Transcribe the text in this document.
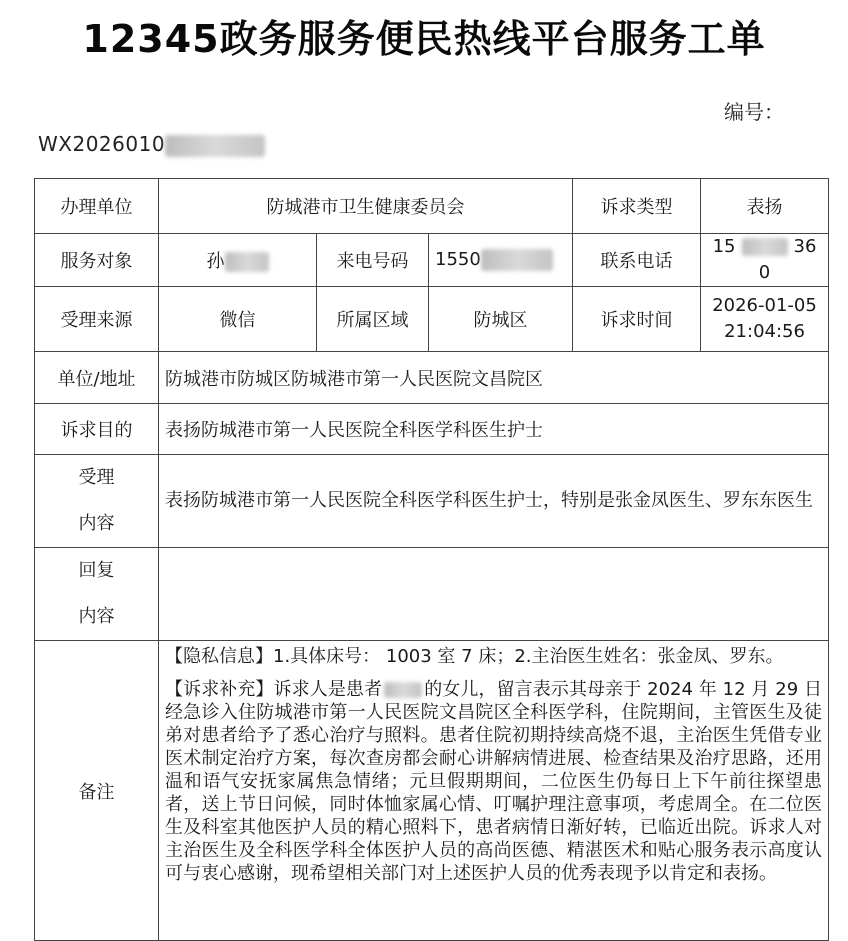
12345政务服务便民热线平台服务工单
编号：
WX2026010
办理单位	防城港市卫生健康委员会			诉求类型	表扬
服务对象	孙	来电号码	1550	联系电话	15 36
0

受理来源	微信	所属区域	防城区	诉求时间	2026-01-05
21:04:56

单位/地址	防城港市防城区防城港市第一人民医院文昌院区				
诉求目的	表扬防城港市第一人民医院全科医学科医生护士				

受理
内容	表扬防城港市第一人民医院全科医学科医生护士，特别是张金凤医生、罗东东医生				

回复
内容					

备注	【隐私信息】1.具体床号： 1003 室 7 床；2.主治医生姓名：张金凤、罗东。

【诉求补充】诉求人是患者 的女儿，留言表示其母亲于 2024 年 12 月 29 日经急诊入住防城港市第一人民医院文昌院区全科医学科，住院期间，主管医生及徒弟对患者给予了悉心治疗与照料。患者住院初期持续高烧不退，主治医生凭借专业医术制定治疗方案，每次查房都会耐心讲解病情进展、检查结果及治疗思路，还用温和语气安抚家属焦急情绪；元旦假期期间，二位医生仍每日上下午前往探望患者，送上节日问候，同时体恤家属心情、叮嘱护理注意事项，考虑周全。在二位医生及科室其他医护人员的精心照料下，患者病情日渐好转，已临近出院。诉求人对主治医生及全科医学科全体医护人员的高尚医德、精湛医术和贴心服务表示高度认可与衷心感谢，现希望相关部门对上述医护人员的优秀表现予以肯定和表扬。				
